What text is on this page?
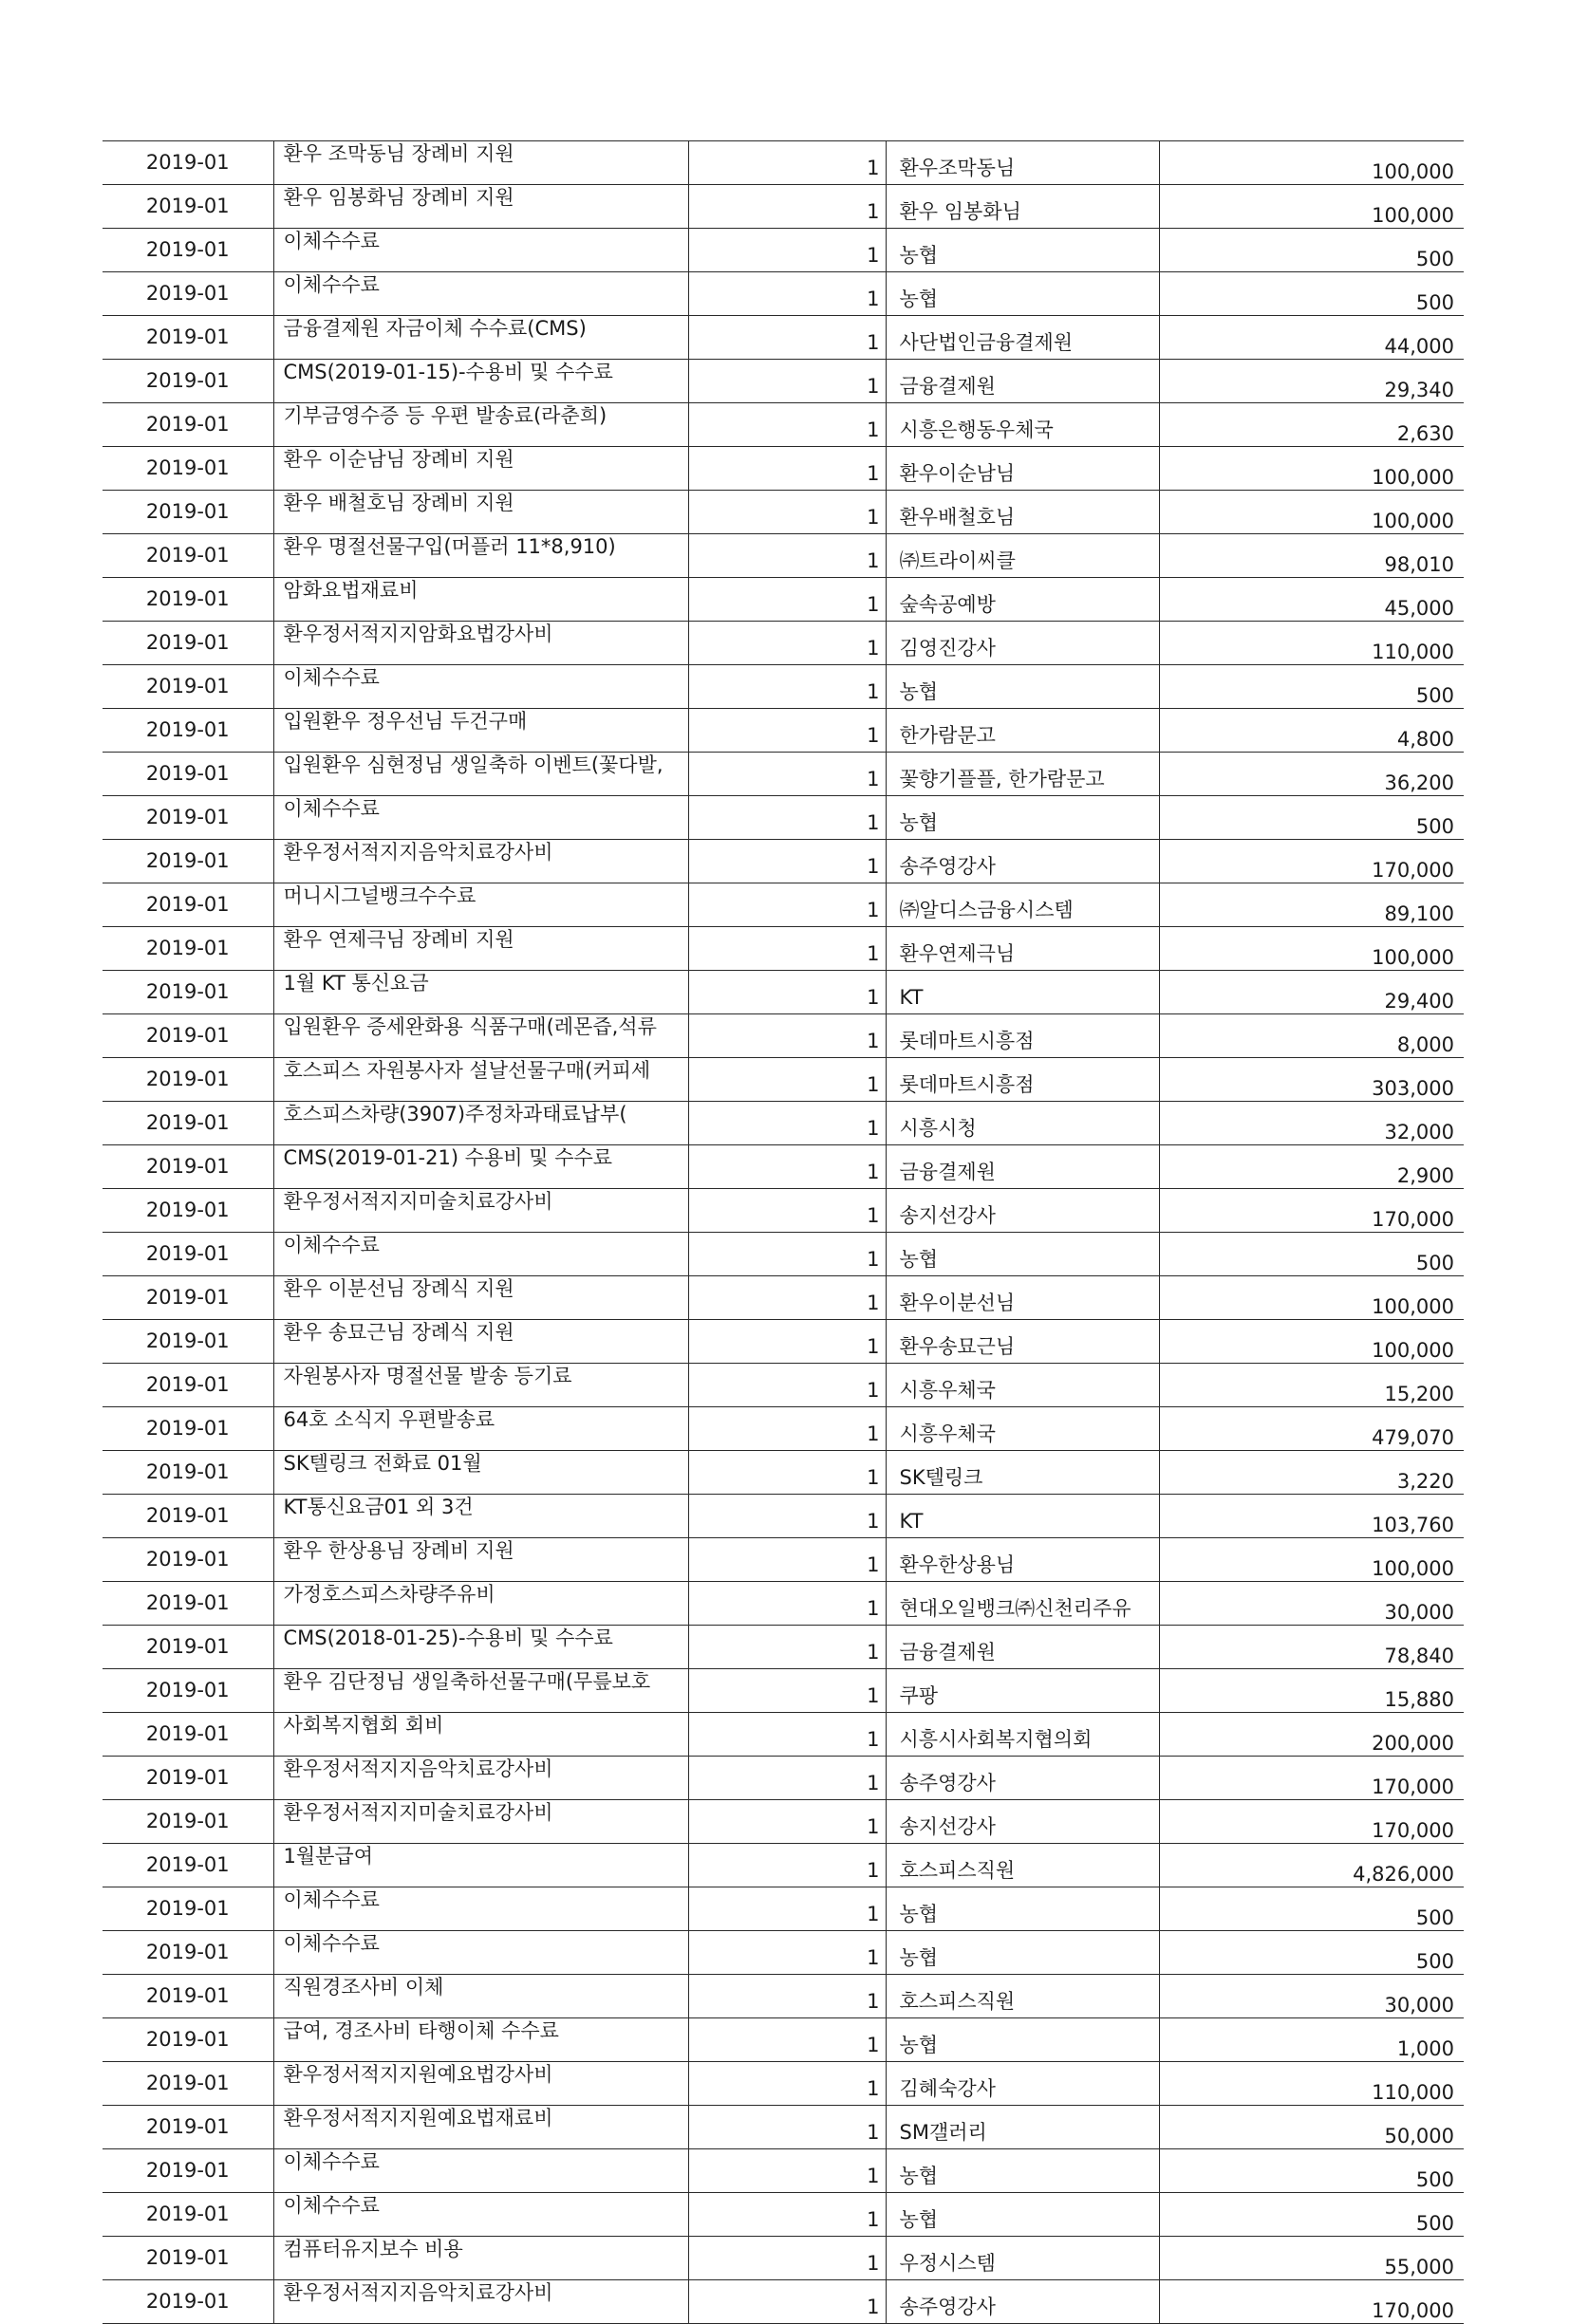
2019-01	환우 조막동님 장례비 지원	1	환우조막동님	100,000
2019-01	환우 임봉화님 장례비 지원	1	환우 임봉화님	100,000
2019-01	이체수수료	1	농협	500
2019-01	이체수수료	1	농협	500
2019-01	금융결제원 자금이체 수수료(CMS)	1	사단법인금융결제원	44,000
2019-01	CMS(2019-01-15)-수용비 및 수수료	1	금융결제원	29,340
2019-01	기부금영수증 등 우편 발송료(라춘희)	1	시흥은행동우체국	2,630
2019-01	환우 이순남님 장례비 지원	1	환우이순남님	100,000
2019-01	환우 배철호님 장례비 지원	1	환우배철호님	100,000
2019-01	환우 명절선물구입(머플러 11*8,910)	1	㈜트라이씨클	98,010
2019-01	암화요법재료비	1	숲속공예방	45,000
2019-01	환우정서적지지암화요법강사비	1	김영진강사	110,000
2019-01	이체수수료	1	농협	500
2019-01	입원환우 정우선님 두건구매	1	한가람문고	4,800
2019-01	입원환우 심현정님 생일축하 이벤트(꽃다발,	1	꽃향기플플, 한가람문고	36,200
2019-01	이체수수료	1	농협	500
2019-01	환우정서적지지음악치료강사비	1	송주영강사	170,000
2019-01	머니시그널뱅크수수료	1	㈜알디스금융시스템	89,100
2019-01	환우 연제극님 장례비 지원	1	환우연제극님	100,000
2019-01	1월 KT 통신요금	1	KT	29,400
2019-01	입원환우 증세완화용 식품구매(레몬즙,석류	1	롯데마트시흥점	8,000
2019-01	호스피스 자원봉사자 설날선물구매(커피세	1	롯데마트시흥점	303,000
2019-01	호스피스차량(3907)주정차과태료납부(	1	시흥시청	32,000
2019-01	CMS(2019-01-21) 수용비 및 수수료	1	금융결제원	2,900
2019-01	환우정서적지지미술치료강사비	1	송지선강사	170,000
2019-01	이체수수료	1	농협	500
2019-01	환우 이분선님 장례식 지원	1	환우이분선님	100,000
2019-01	환우 송묘근님 장례식 지원	1	환우송묘근님	100,000
2019-01	자원봉사자 명절선물 발송 등기료	1	시흥우체국	15,200
2019-01	64호 소식지 우편발송료	1	시흥우체국	479,070
2019-01	SK텔링크 전화료 01월	1	SK텔링크	3,220
2019-01	KT통신요금01 외 3건	1	KT	103,760
2019-01	환우 한상용님 장례비 지원	1	환우한상용님	100,000
2019-01	가정호스피스차량주유비	1	현대오일뱅크㈜신천리주유	30,000
2019-01	CMS(2018-01-25)-수용비 및 수수료	1	금융결제원	78,840
2019-01	환우 김단정님 생일축하선물구매(무릎보호	1	쿠팡	15,880
2019-01	사회복지협회 회비	1	시흥시사회복지협의회	200,000
2019-01	환우정서적지지음악치료강사비	1	송주영강사	170,000
2019-01	환우정서적지지미술치료강사비	1	송지선강사	170,000
2019-01	1월분급여	1	호스피스직원	4,826,000
2019-01	이체수수료	1	농협	500
2019-01	이체수수료	1	농협	500
2019-01	직원경조사비 이체	1	호스피스직원	30,000
2019-01	급여, 경조사비 타행이체 수수료	1	농협	1,000
2019-01	환우정서적지지원예요법강사비	1	김혜숙강사	110,000
2019-01	환우정서적지지원예요법재료비	1	SM갤러리	50,000
2019-01	이체수수료	1	농협	500
2019-01	이체수수료	1	농협	500
2019-01	컴퓨터유지보수 비용	1	우정시스템	55,000
2019-01	환우정서적지지음악치료강사비	1	송주영강사	170,000
